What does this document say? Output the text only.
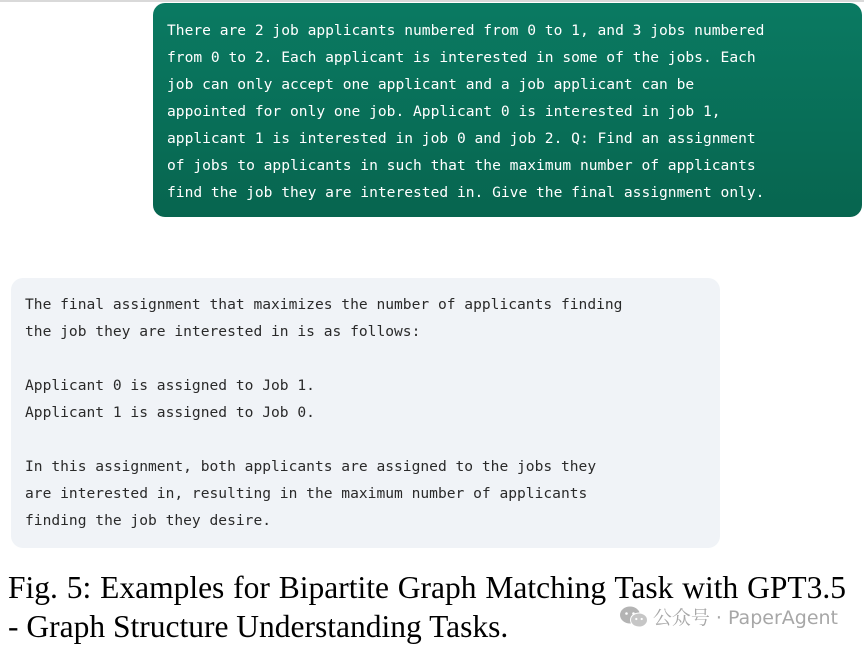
There are 2 job applicants numbered from 0 to 1, and 3 jobs numbered
from 0 to 2. Each applicant is interested in some of the jobs. Each
job can only accept one applicant and a job applicant can be
appointed for only one job. Applicant 0 is interested in job 1,
applicant 1 is interested in job 0 and job 2. Q: Find an assignment
of jobs to applicants in such that the maximum number of applicants
find the job they are interested in. Give the final assignment only.
The final assignment that maximizes the number of applicants finding
the job they are interested in is as follows:
Applicant 0 is assigned to Job 1.
Applicant 1 is assigned to Job 0.
In this assignment, both applicants are assigned to the jobs they
are interested in, resulting in the maximum number of applicants
finding the job they desire.
Fig. 5: Examples for Bipartite Graph Matching Task with GPT3.5 - Graph Structure Understanding Tasks.	公众号 · PaperAgent
